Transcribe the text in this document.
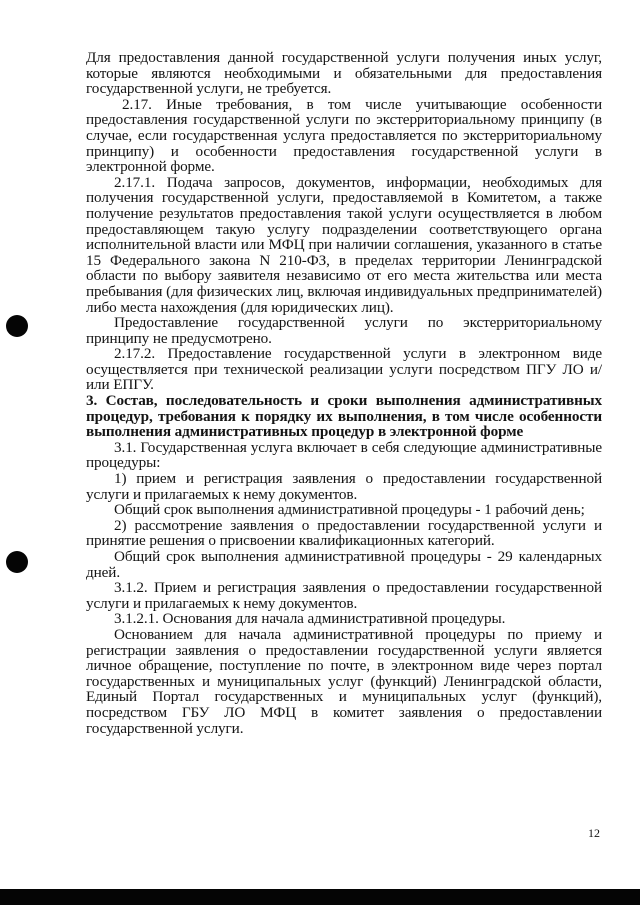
Для предоставления данной государственной услуги получения иных услуг, которые являются необходимыми и обязательными для предоставления государственной услуги, не требуется.

2.17. Иные требования, в том числе учитывающие особенности предоставления государственной услуги по экстерриториальному принципу (в случае, если государственная услуга предоставляется по экстерриториальному принципу) и особенности предоставления государственной услуги в электронной форме.

2.17.1. Подача запросов, документов, информации, необходимых для получения государственной услуги, предоставляемой в Комитетом, а также получение результатов предоставления такой услуги осуществляется в любом предоставляющем такую услугу подразделении соответствующего органа исполнительной власти или МФЦ при наличии соглашения, указанного в статье 15 Федерального закона N 210-ФЗ, в пределах территории Ленинградской области по выбору заявителя независимо от его места жительства или места пребывания (для физических лиц, включая индивидуальных предпринимателей) либо места нахождения (для юридических лиц).

Предоставление государственной услуги по экстерриториальному принципу не предусмотрено.

2.17.2. Предоставление государственной услуги в электронном виде осуществляется при технической реализации услуги посредством ПГУ ЛО и/или ЕПГУ.

3. Состав, последовательность и сроки выполнения административных процедур, требования к порядку их выполнения, в том числе особенности выполнения административных процедур в электронной форме

3.1. Государственная услуга включает в себя следующие административные процедуры:

1) прием и регистрация заявления о предоставлении государственной услуги и прилагаемых к нему документов.

Общий срок выполнения административной процедуры - 1 рабочий день;

2) рассмотрение заявления о предоставлении государственной услуги и принятие решения о присвоении квалификационных категорий.

Общий срок выполнения административной процедуры - 29 календарных дней.

3.1.2. Прием и регистрация заявления о предоставлении государственной услуги и прилагаемых к нему документов.

3.1.2.1. Основания для начала административной процедуры.

Основанием для начала административной процедуры по приему и регистрации заявления о предоставлении государственной услуги является личное обращение, поступление по почте, в электронном виде через портал государственных и муниципальных услуг (функций) Ленинградской области, Единый Портал государственных и муниципальных услуг (функций), посредством ГБУ ЛО МФЦ в комитет заявления о предоставлении государственной услуги.

12
